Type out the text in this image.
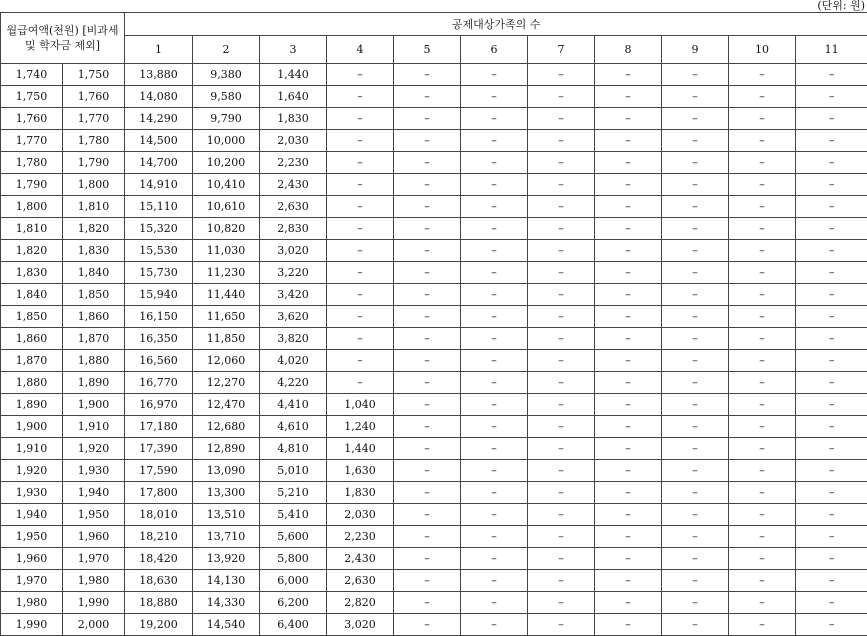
(단위: 원)
월급여액(천원) [비과세 및 학자금 제외]		공제대상가족의 수										
		1	2	3	4	5	6	7	8	9	10	11
1,740	1,750	13,880	9,380	1,440	–	–	–	–	–	–	–	–
1,750	1,760	14,080	9,580	1,640	–	–	–	–	–	–	–	–
1,760	1,770	14,290	9,790	1,830	–	–	–	–	–	–	–	–
1,770	1,780	14,500	10,000	2,030	–	–	–	–	–	–	–	–
1,780	1,790	14,700	10,200	2,230	–	–	–	–	–	–	–	–
1,790	1,800	14,910	10,410	2,430	–	–	–	–	–	–	–	–
1,800	1,810	15,110	10,610	2,630	–	–	–	–	–	–	–	–
1,810	1,820	15,320	10,820	2,830	–	–	–	–	–	–	–	–
1,820	1,830	15,530	11,030	3,020	–	–	–	–	–	–	–	–
1,830	1,840	15,730	11,230	3,220	–	–	–	–	–	–	–	–
1,840	1,850	15,940	11,440	3,420	–	–	–	–	–	–	–	–
1,850	1,860	16,150	11,650	3,620	–	–	–	–	–	–	–	–
1,860	1,870	16,350	11,850	3,820	–	–	–	–	–	–	–	–
1,870	1,880	16,560	12,060	4,020	–	–	–	–	–	–	–	–
1,880	1,890	16,770	12,270	4,220	–	–	–	–	–	–	–	–
1,890	1,900	16,970	12,470	4,410	1,040	–	–	–	–	–	–	–
1,900	1,910	17,180	12,680	4,610	1,240	–	–	–	–	–	–	–
1,910	1,920	17,390	12,890	4,810	1,440	–	–	–	–	–	–	–
1,920	1,930	17,590	13,090	5,010	1,630	–	–	–	–	–	–	–
1,930	1,940	17,800	13,300	5,210	1,830	–	–	–	–	–	–	–
1,940	1,950	18,010	13,510	5,410	2,030	–	–	–	–	–	–	–
1,950	1,960	18,210	13,710	5,600	2,230	–	–	–	–	–	–	–
1,960	1,970	18,420	13,920	5,800	2,430	–	–	–	–	–	–	–
1,970	1,980	18,630	14,130	6,000	2,630	–	–	–	–	–	–	–
1,980	1,990	18,880	14,330	6,200	2,820	–	–	–	–	–	–	–
1,990	2,000	19,200	14,540	6,400	3,020	–	–	–	–	–	–	–
